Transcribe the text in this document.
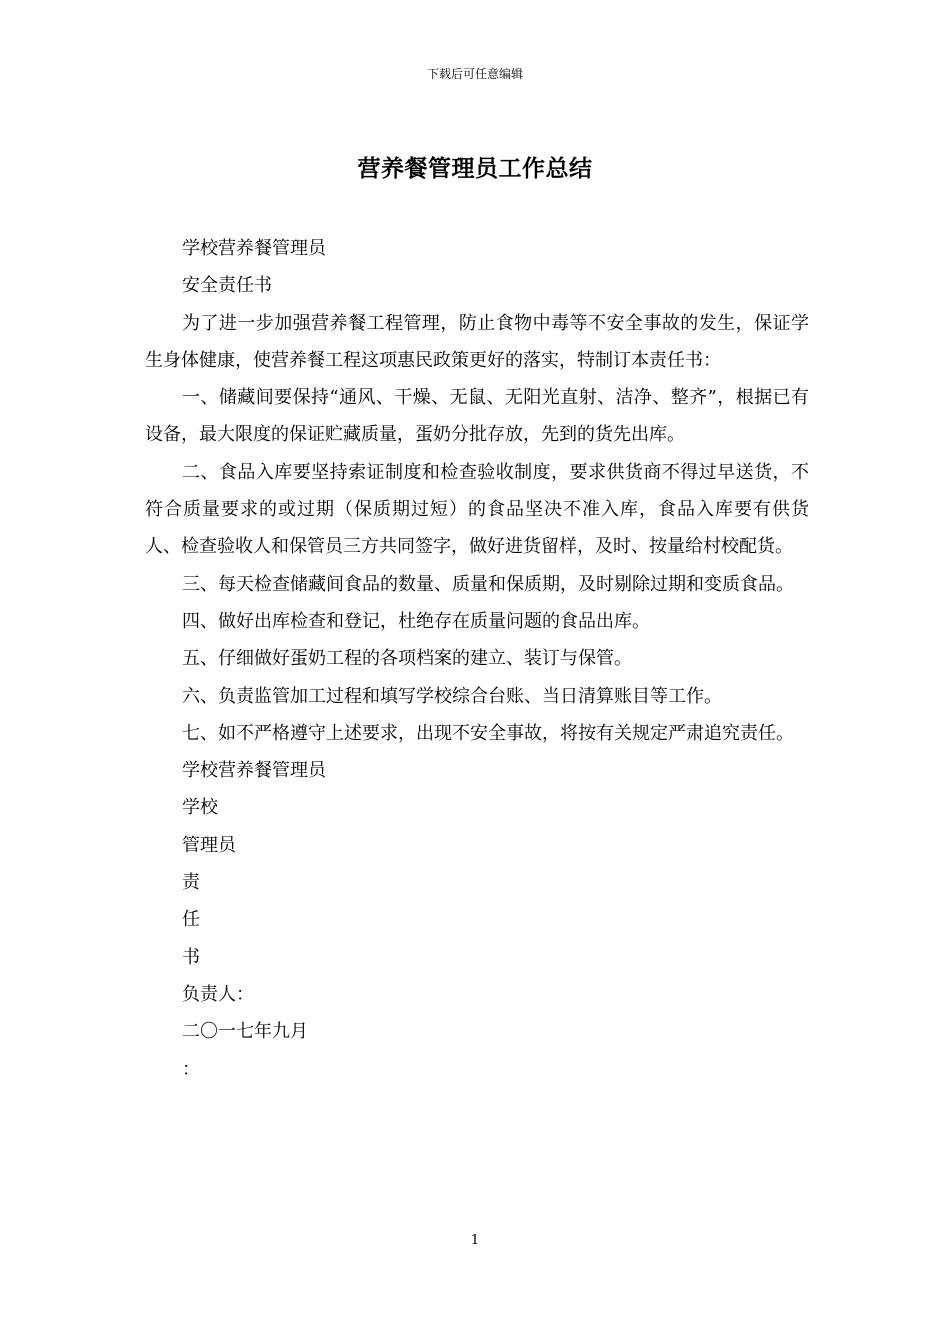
下载后可任意编辑
营养餐管理员工作总结

学校营养餐管理员

安全责任书

为了进一步加强营养餐工程管理，防止食物中毒等不安全事故的发生，保证学生身体健康，使营养餐工程这项惠民政策更好的落实，特制订本责任书：

一、储藏间要保持“通风、干燥、无鼠、无阳光直射、洁净、整齐”，根据已有设备，最大限度的保证贮藏质量，蛋奶分批存放，先到的货先出库。

二、食品入库要坚持索证制度和检查验收制度，要求供货商不得过早送货，不符合质量要求的或过期（保质期过短）的食品坚决不准入库，食品入库要有供货人、检查验收人和保管员三方共同签字，做好进货留样，及时、按量给村校配货。

三、每天检查储藏间食品的数量、质量和保质期，及时剔除过期和变质食品。

四、做好出库检查和登记，杜绝存在质量问题的食品出库。

五、仔细做好蛋奶工程的各项档案的建立、装订与保管。

六、负责监管加工过程和填写学校综合台账、当日清算账目等工作。

七、如不严格遵守上述要求，出现不安全事故，将按有关规定严肃追究责任。

学校营养餐管理员

学校

管理员

责

任

书

负责人：

二〇一七年九月

：

1
